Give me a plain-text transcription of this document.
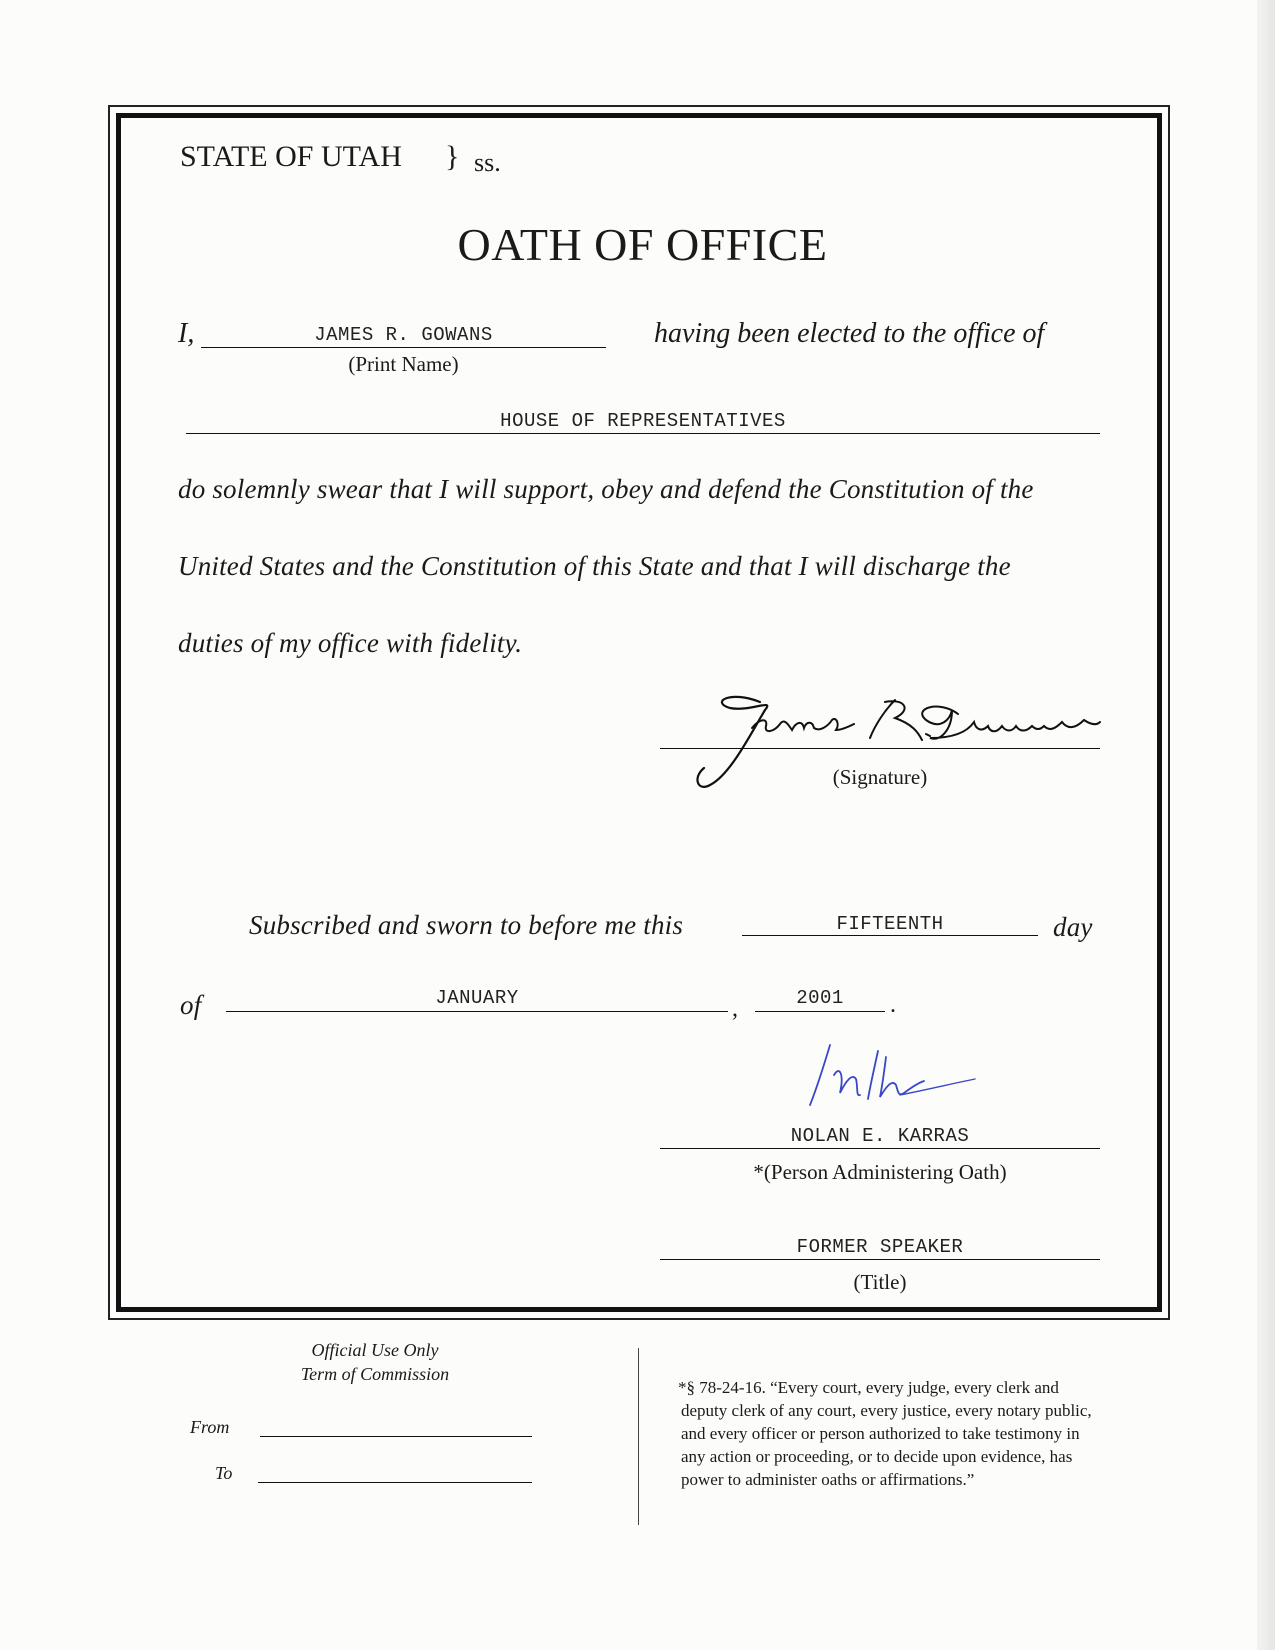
STATE OF UTAH } ss.
OATH OF OFFICE
I,	JAMES R. GOWANS
(Print Name)
having been elected to the office of
HOUSE OF REPRESENTATIVES
do solemnly swear that I will support, obey and defend the Constitution of the
United States and the Constitution of this State and that I will discharge the
duties of my office with fidelity.
(Signature)
Subscribed and sworn to before me this	FIFTEENTH	day
of	JANUARY	,	2001	.
NOLAN E. KARRAS
*(Person Administering Oath)
FORMER SPEAKER
(Title)
Official Use Only
Term of Commission
From
To
*§ 78-24-16. “Every court, every judge, every clerk and
deputy clerk of any court, every justice, every notary public,
and every officer or person authorized to take testimony in
any action or proceeding, or to decide upon evidence, has
power to administer oaths or affirmations.”
